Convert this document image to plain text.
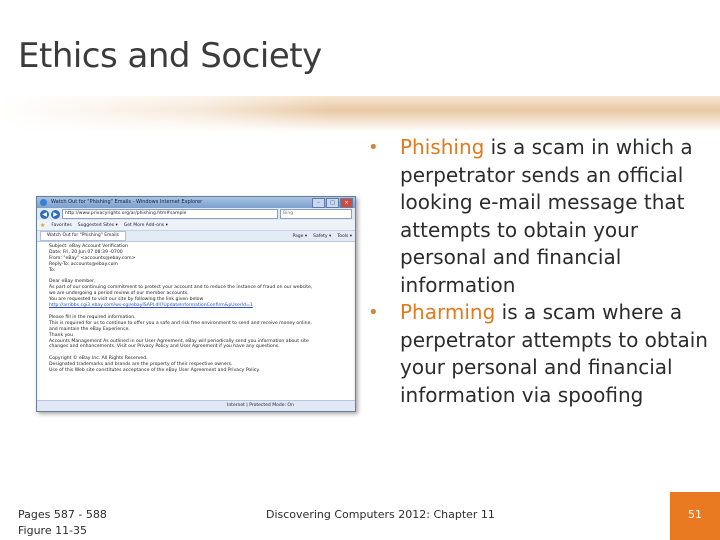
Ethics and Society
Watch Out for "Phishing" Emails - Windows Internet Explorer	–	□	×
◀	▶	http://www.privacyrights.org/ar/phishing.htm#sample	Bing
★ Favorites Suggested Sites ▾ Get More Add-ons ▾
Watch Out for "Phishing" Emails	Page ▾ Safety ▾ Tools ▾
Subject: eBay Account Verification
Date: Fri, 20 Jun 07 08:39 -0700
From: "eBay" <accounts@ebay.com>
Reply-To: accounts@ebay.com
To:

Dear eBay member,
As part of our continuing commitment to protect your account and to reduce the instance of fraud on our website,
we are undergoing a period review of our member accounts.
You are requested to visit our site by following the link given below
http://arribbs.cgi3.ebay.com/ws-cgi/ebayISAPI.dll?UpdateInformationConfirm&pUserId=1

Please fill in the required information.
This is required for us to continue to offer you a safe and risk free environment to send and receive money online,
and maintain the eBay Experience.
Thank you
Accounts Management As outlined in our User Agreement, eBay will periodically send you information about site
changes and enhancements. Visit our Privacy Policy and User Agreement if you have any questions.

Copyright © eBay Inc. All Rights Reserved.
Designated trademarks and brands are the property of their respective owners.
Use of this Web site constitutes acceptance of the eBay User Agreement and Privacy Policy.
Internet | Protected Mode: On
• Phishing is a scam in which a perpetrator sends an official looking e-mail message that attempts to obtain your personal and financial information
• Pharming is a scam where a perpetrator attempts to obtain your personal and financial information via spoofing
Pages 587 - 588
Figure 11-35
Discovering Computers 2012: Chapter 11	51
